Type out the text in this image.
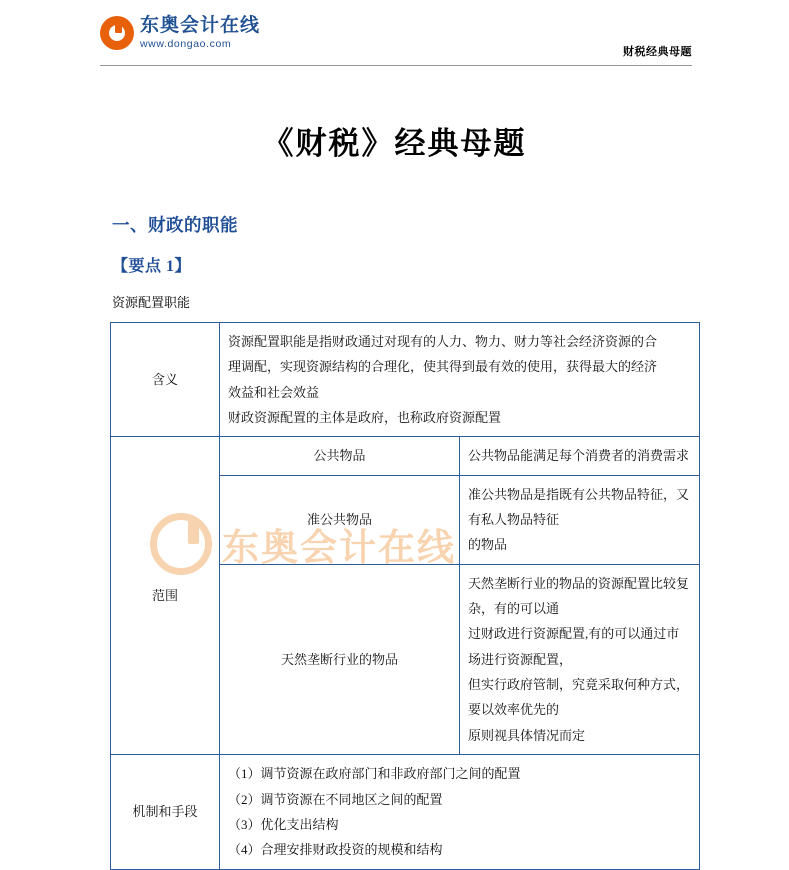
东奥会计在线
www.dongao.com
财税经典母题
《财税》经典母题
一、财政的职能
【要点 1】
资源配置职能
东奥会计在线
含义	资源配置职能是指财政通过对现有的人力、物力、财力等社会经济资源的合

理调配，实现资源结构的合理化，使其得到最有效的使用，获得最大的经济

效益和社会效益

财政资源配置的主体是政府，也称政府资源配置	

范围	公共物品	公共物品能满足每个消费者的消费需求

	准公共物品	准公共物品是指既有公共物品特征，又有私人物品特征

的物品

	天然垄断行业的物品	天然垄断行业的物品的资源配置比较复杂，有的可以通

过财政进行资源配置,有的可以通过市场进行资源配置，

但实行政府管制，究竟采取何种方式，要以效率优先的

原则视具体情况而定

机制和手段	（1）调节资源在政府部门和非政府部门之间的配置

（2）调节资源在不同地区之间的配置

（3）优化支出结构

（4）合理安排财政投资的规模和结构	
